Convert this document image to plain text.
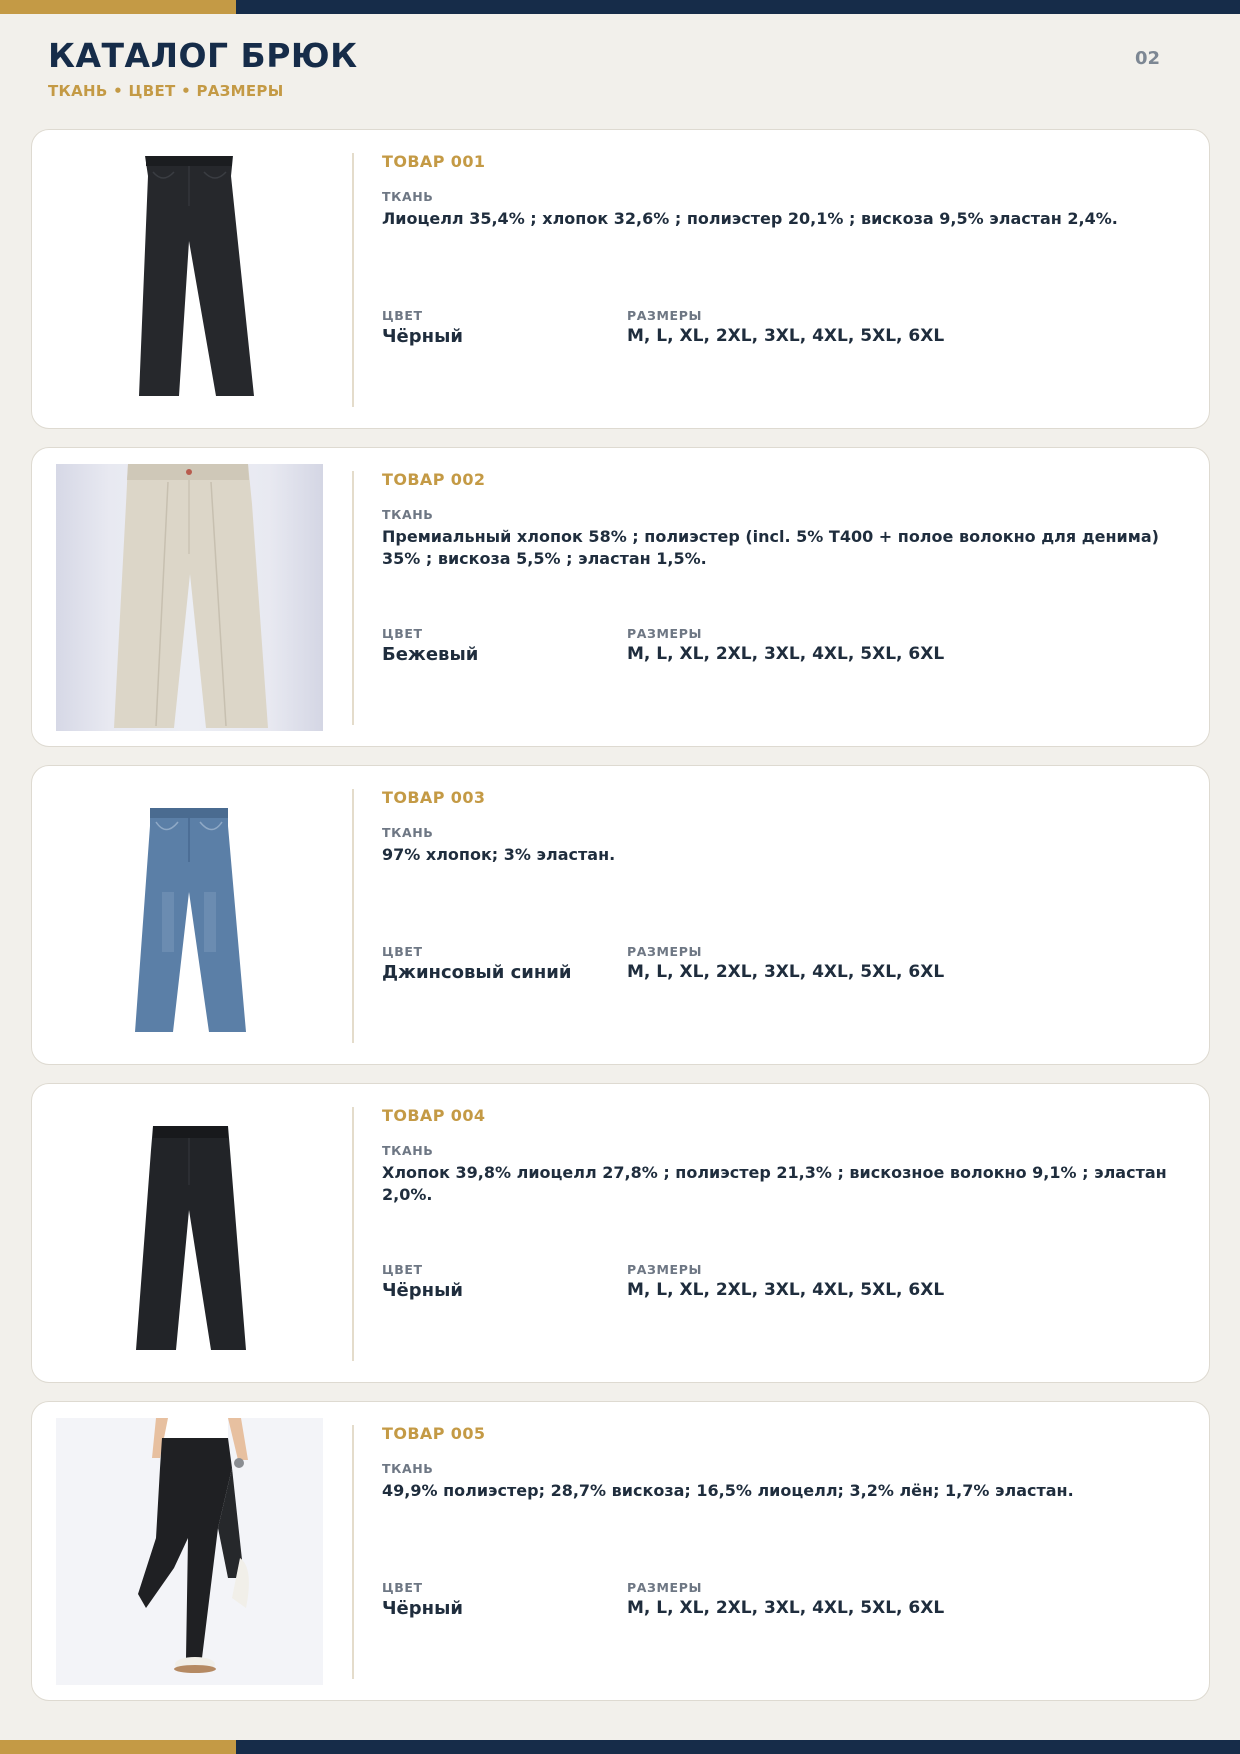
КАТАЛОГ БРЮК
ТКАНЬ • ЦВЕТ • РАЗМЕРЫ
02
ТОВАР 001
ТКАНЬ
Лиоцелл 35,4% ; хлопок 32,6% ; полиэстер 20,1% ; вискоза 9,5% эластан 2,4%.
ЦВЕТ
Чёрный
РАЗМЕРЫ
M, L, XL, 2XL, 3XL, 4XL, 5XL, 6XL
ТОВАР 002
ТКАНЬ
Премиальный хлопок 58% ; полиэстер (incl. 5% T400 + полое волокно для денима) 35% ; вискоза 5,5% ; эластан 1,5%.
ЦВЕТ
Бежевый
РАЗМЕРЫ
M, L, XL, 2XL, 3XL, 4XL, 5XL, 6XL
ТОВАР 003
ТКАНЬ
97% хлопок; 3% эластан.
ЦВЕТ
Джинсовый синий
РАЗМЕРЫ
M, L, XL, 2XL, 3XL, 4XL, 5XL, 6XL
ТОВАР 004
ТКАНЬ
Хлопок 39,8% лиоцелл 27,8% ; полиэстер 21,3% ; вискозное волокно 9,1% ; эластан 2,0%.
ЦВЕТ
Чёрный
РАЗМЕРЫ
M, L, XL, 2XL, 3XL, 4XL, 5XL, 6XL
ТОВАР 005
ТКАНЬ
49,9% полиэстер; 28,7% вискоза; 16,5% лиоцелл; 3,2% лён; 1,7% эластан.
ЦВЕТ
Чёрный
РАЗМЕРЫ
M, L, XL, 2XL, 3XL, 4XL, 5XL, 6XL
